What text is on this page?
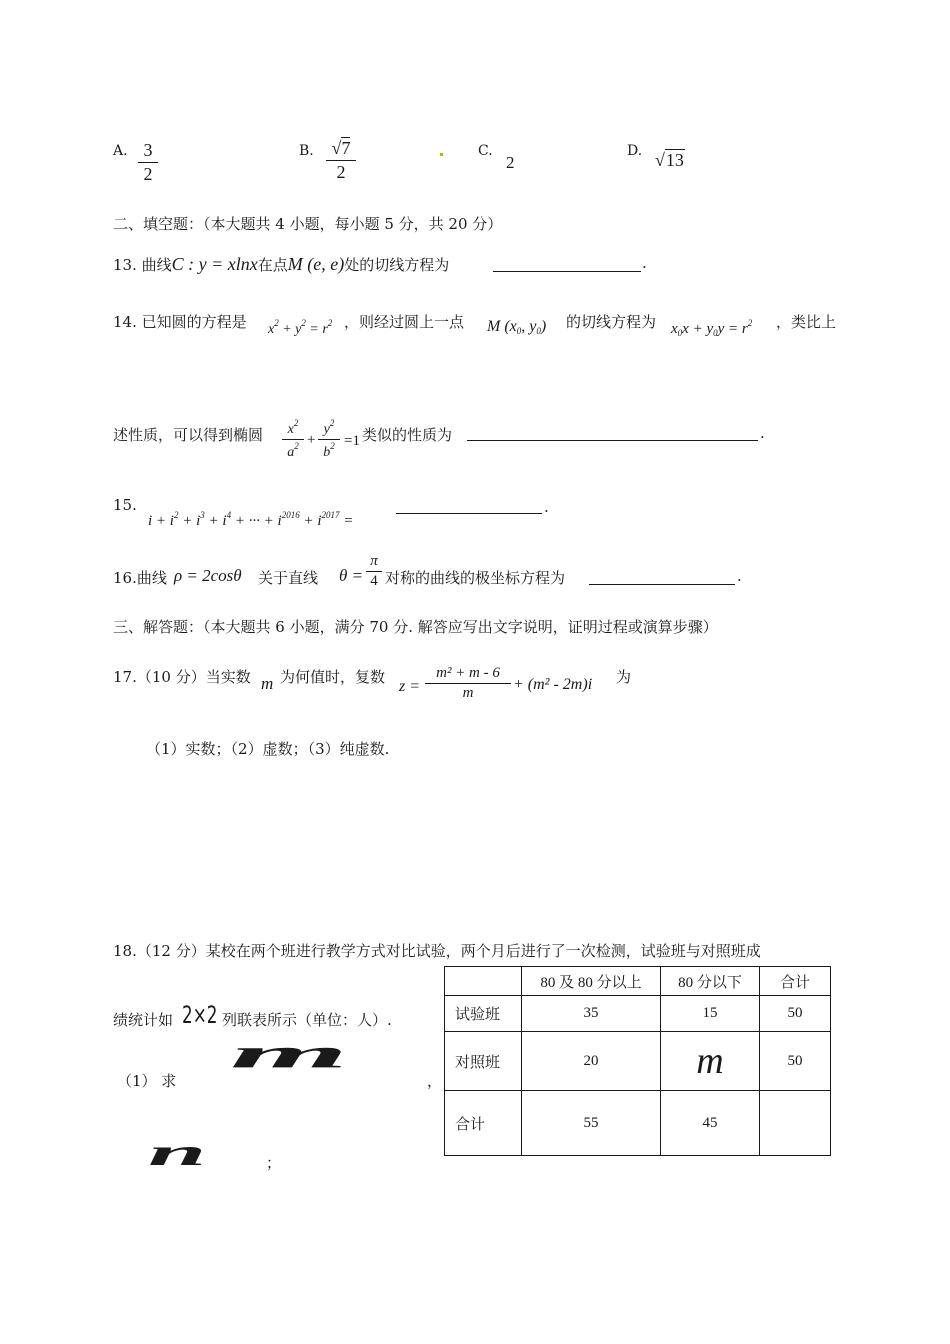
A. 3
2
B. √7
2
C.
2
D. √13
二、填空题：（本大题共 4 小题，每小题 5 分，共 20 分）
13. 曲线C : y = xlnx在点M (e, e)处的切线方程为	.
14. 已知圆的方程是 $x^2 + y^2 = r^2$ ，则经过圆上一点 M ($x_0$, $y_0$) 的切线方程为 $x_0x + y_0y = r^2$ ，类比上
述性质，可以得到椭圆	$x^2$
$a^2$ +
$y^2$
$b^2 =1$ 类似的性质为	.
15.
$i + i^2 + i^3 + i^4$ + ··· + $i^{2016} + i^{2017}$ =
.
16.曲线 ρ = 2cosθ 关于直线 θ =
π
4 对称的曲线的极坐标方程为	.
三、解答题：（本大题共 6 小题，满分 70 分. 解答应写出文字说明，证明过程或演算步骤）
17.（10 分）当实数 m 为何值时，复数
z =
m² + m - 6
m	+ (m² - 2m)i 为
（1）实数；（2）虚数；（3）纯虚数.
18.（12 分）某校在两个班进行教学方式对比试验，两个月后进行了一次检测，试验班与对照班成
绩统计如 2×2 列联表所示（单位：人）.
（1） 求
m
，
n	；
	80 及 80 分以上	80 分以下	合计
试验班	35	15	50
对照班	20	m	50
合计	55	45	
